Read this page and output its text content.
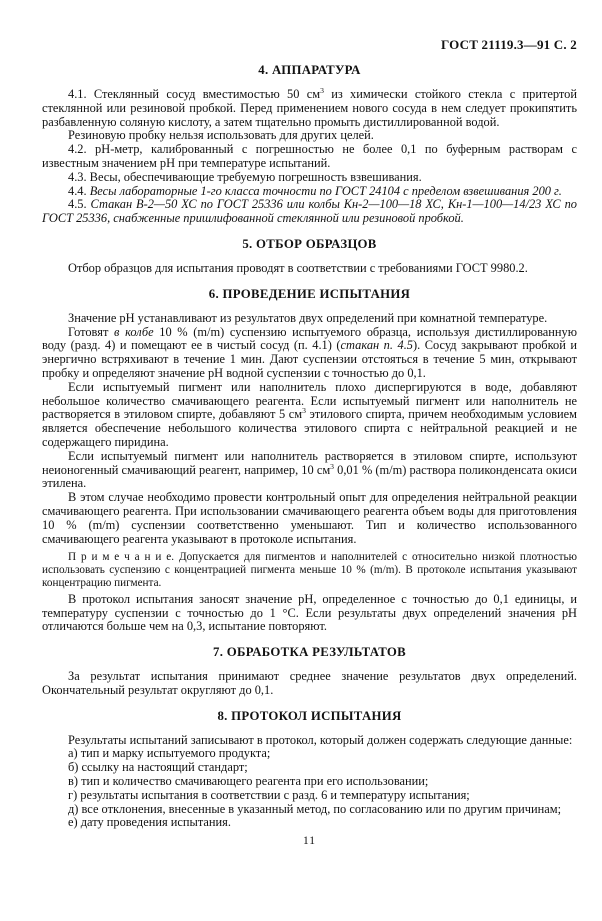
ГОСТ 21119.3—91 С. 2
4. АППАРАТУРА

4.1. Стеклянный сосуд вместимостью 50 $см^3$ из химически стойкого стекла с притертой стеклянной или резиновой пробкой. Перед применением нового сосуда в нем следует прокипятить разбавленную соляную кислоту, а затем тщательно промыть дистиллированной водой.

Резиновую пробку нельзя использовать для других целей.

4.2. pH-метр, калиброванный с погрешностью не более 0,1 по буферным растворам с известным значением pH при температуре испытаний.

4.3. Весы, обеспечивающие требуемую погрешность взвешивания.

4.4. Весы лабораторные 1-го класса точности по ГОСТ 24104 с пределом взвешивания 200 г.

4.5. Стакан В-2—50 ХС по ГОСТ 25336 или колбы Кн-2—100—18 ХС, Кн-1—100—14/23 ХС по ГОСТ 25336, снабженные пришлифованной стеклянной или резиновой пробкой.

5. ОТБОР ОБРАЗЦОВ

Отбор образцов для испытания проводят в соответствии с требованиями ГОСТ 9980.2.

6. ПРОВЕДЕНИЕ ИСПЫТАНИЯ

Значение pH устанавливают из результатов двух определений при комнатной температуре.

Готовят в колбе 10 % (m/m) суспензию испытуемого образца, используя дистиллированную воду (разд. 4) и помещают ее в чистый сосуд (п. 4.1) (стакан п. 4.5). Сосуд закрывают пробкой и энергично встряхивают в течение 1 мин. Дают суспензии отстояться в течение 5 мин, открывают пробку и определяют значение pH водной суспензии с точностью до 0,1.

Если испытуемый пигмент или наполнитель плохо диспергируются в воде, добавляют небольшое количество смачивающего реагента. Если испытуемый пигмент или наполнитель не растворяется в этиловом спирте, добавляют 5 $см^3$ этилового спирта, причем необходимым условием является обеспечение небольшого количества этилового спирта с нейтральной реакцией и не содержащего пиридина.

Если испытуемый пигмент или наполнитель растворяется в этиловом спирте, используют неионогенный смачивающий реагент, например, 10 $см^3$ 0,01 % (m/m) раствора поликонденсата окиси этилена.

В этом случае необходимо провести контрольный опыт для определения нейтральной реакции смачивающего реагента. При использовании смачивающего реагента объем воды для приготовления 10 % (m/m) суспензии соответственно уменьшают. Тип и количество использованного смачивающего реагента указывают в протоколе испытания.

П р и м е ч а н и е. Допускается для пигментов и наполнителей с относительно низкой плотностью использовать суспензию с концентрацией пигмента меньше 10 % (m/m). В протоколе испытания указывают концентрацию пигмента.

В протокол испытания заносят значение pH, определенное с точностью до 0,1 единицы, и температуру суспензии с точностью до 1 °С. Если результаты двух определений значения pH отличаются больше чем на 0,3, испытание повторяют.

7. ОБРАБОТКА РЕЗУЛЬТАТОВ

За результат испытания принимают среднее значение результатов двух определений. Окончательный результат округляют до 0,1.

8. ПРОТОКОЛ ИСПЫТАНИЯ

Результаты испытаний записывают в протокол, который должен содержать следующие данные:

а) тип и марку испытуемого продукта;

б) ссылку на настоящий стандарт;

в) тип и количество смачивающего реагента при его использовании;

г) результаты испытания в соответствии с разд. 6 и температуру испытания;

д) все отклонения, внесенные в указанный метод, по согласованию или по другим причинам;

е) дату проведения испытания.

11
